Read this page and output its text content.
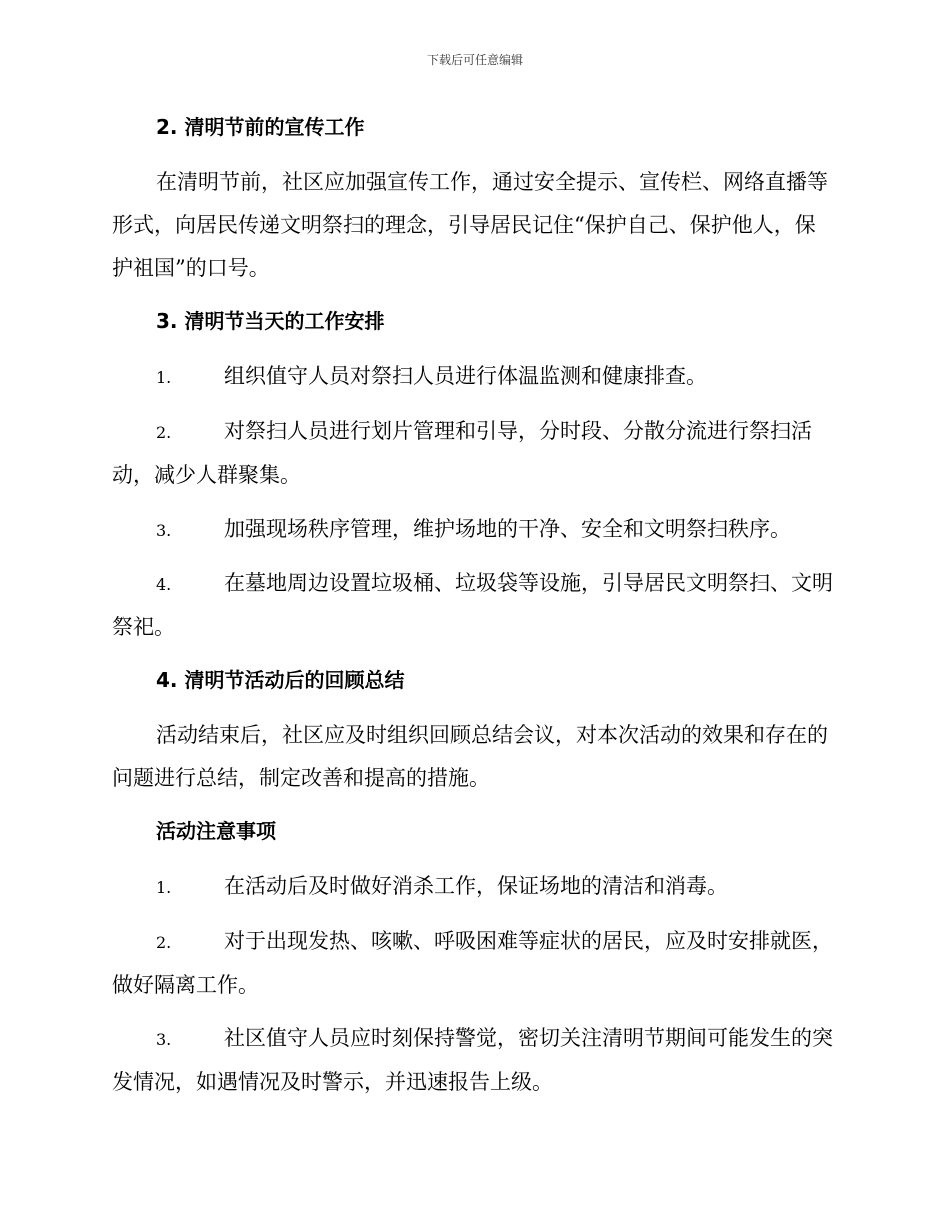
下载后可任意编辑
2. 清明节前的宣传工作
在清明节前，社区应加强宣传工作，通过安全提示、宣传栏、网络直播等形式，向居民传递文明祭扫的理念，引导居民记住“保护自己、保护他人，保护祖国”的口号。
3. 清明节当天的工作安排
1.	组织值守人员对祭扫人员进行体温监测和健康排查。
2.	对祭扫人员进行划片管理和引导，分时段、分散分流进行祭扫活动，减少人群聚集。
3.	加强现场秩序管理，维护场地的干净、安全和文明祭扫秩序。
4.	在墓地周边设置垃圾桶、垃圾袋等设施，引导居民文明祭扫、文明祭祀。
4. 清明节活动后的回顾总结
活动结束后，社区应及时组织回顾总结会议，对本次活动的效果和存在的问题进行总结，制定改善和提高的措施。
活动注意事项
1.	在活动后及时做好消杀工作，保证场地的清洁和消毒。
2.	对于出现发热、咳嗽、呼吸困难等症状的居民，应及时安排就医，做好隔离工作。
3.	社区值守人员应时刻保持警觉，密切关注清明节期间可能发生的突发情况，如遇情况及时警示，并迅速报告上级。
